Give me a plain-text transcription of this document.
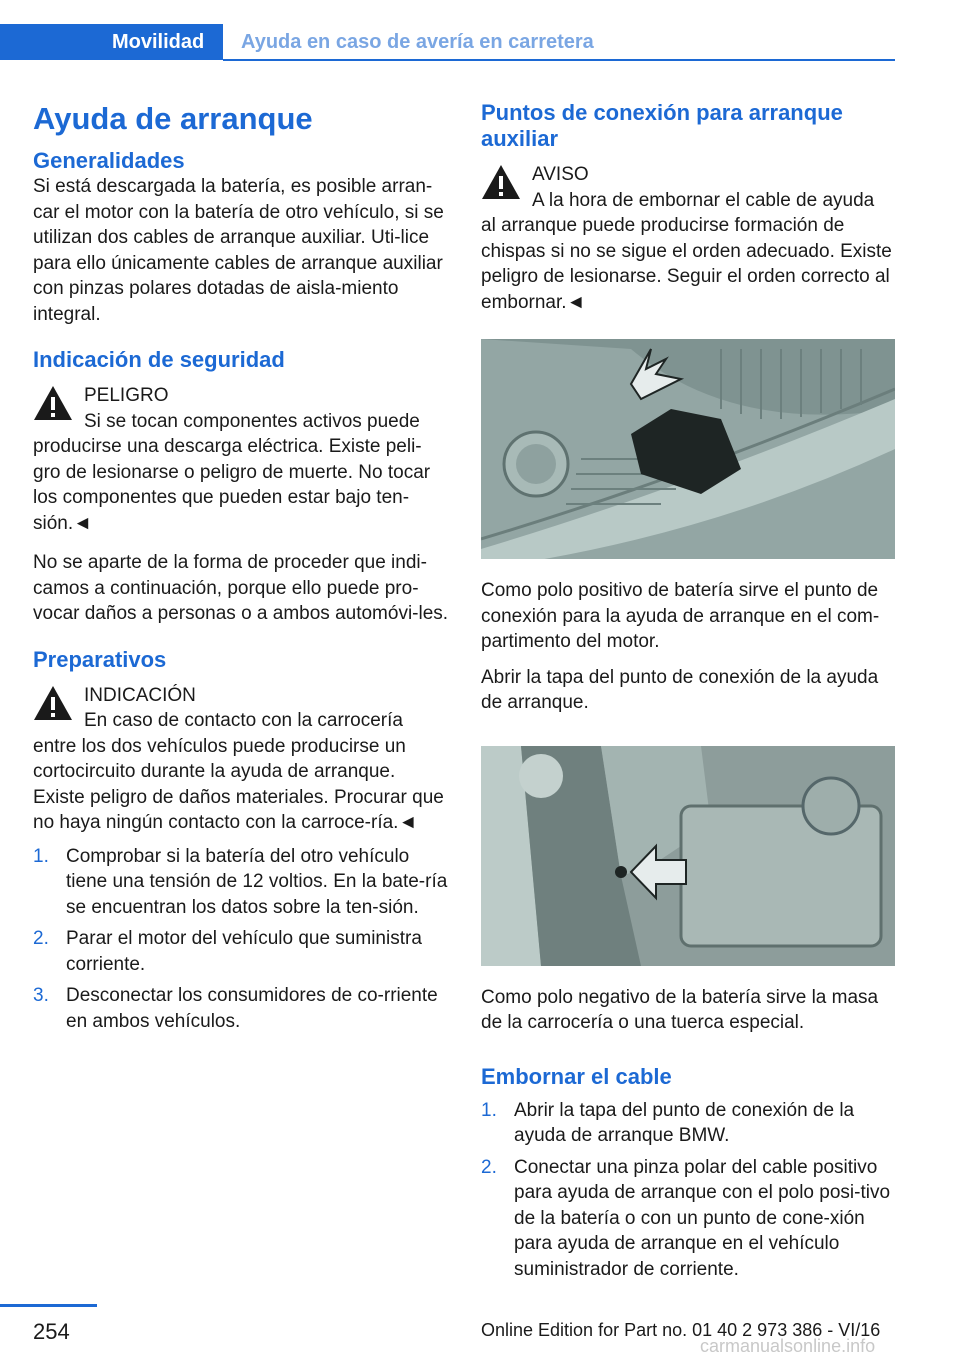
Movilidad Ayuda en caso de avería en carretera
Ayuda de arranque
Generalidades

Si está descargada la batería, es posible arran-car el motor con la batería de otro vehículo, si se utilizan dos cables de arranque auxiliar. Uti-lice para ello únicamente cables de arranque auxiliar con pinzas polares dotadas de aisla-miento integral.

Indicación de seguridad
PELIGRO
Si se tocan componentes activos puede
producirse una descarga eléctrica. Existe peli-gro de lesionarse o peligro de muerte. No tocar los componentes que pueden estar bajo ten-sión.◄

No se aparte de la forma de proceder que indi-camos a continuación, porque ello puede pro-vocar daños a personas o a ambos automóvi-les.

Preparativos
INDICACIÓN
En caso de contacto con la carrocería
entre los dos vehículos puede producirse un cortocircuito durante la ayuda de arranque. Existe peligro de daños materiales. Procurar que no haya ningún contacto con la carroce-ría.◄
1. Comprobar si la batería del otro vehículo tiene una tensión de 12 voltios. En la bate-ría se encuentran los datos sobre la ten-sión.
2. Parar el motor del vehículo que suministra corriente.
3. Desconectar los consumidores de co-rriente en ambos vehículos.
Puntos de conexión para arranque auxiliar
AVISO
A la hora de embornar el cable de ayuda
al arranque puede producirse formación de chispas si no se sigue el orden adecuado. Existe peligro de lesionarse. Seguir el orden correcto al embornar.◄

Como polo positivo de batería sirve el punto de conexión para la ayuda de arranque en el com-partimento del motor.

Abrir la tapa del punto de conexión de la ayuda de arranque.

Como polo negativo de la batería sirve la masa de la carrocería o una tuerca especial.

Embornar el cable
1. Abrir la tapa del punto de conexión de la ayuda de arranque BMW.
2. Conectar una pinza polar del cable positivo para ayuda de arranque con el polo posi-tivo de la batería o con un punto de cone-xión para ayuda de arranque en el vehículo suministrador de corriente.
254	Online Edition for Part no. 01 40 2 973 386 - VI/16
carmanualsonline.info
